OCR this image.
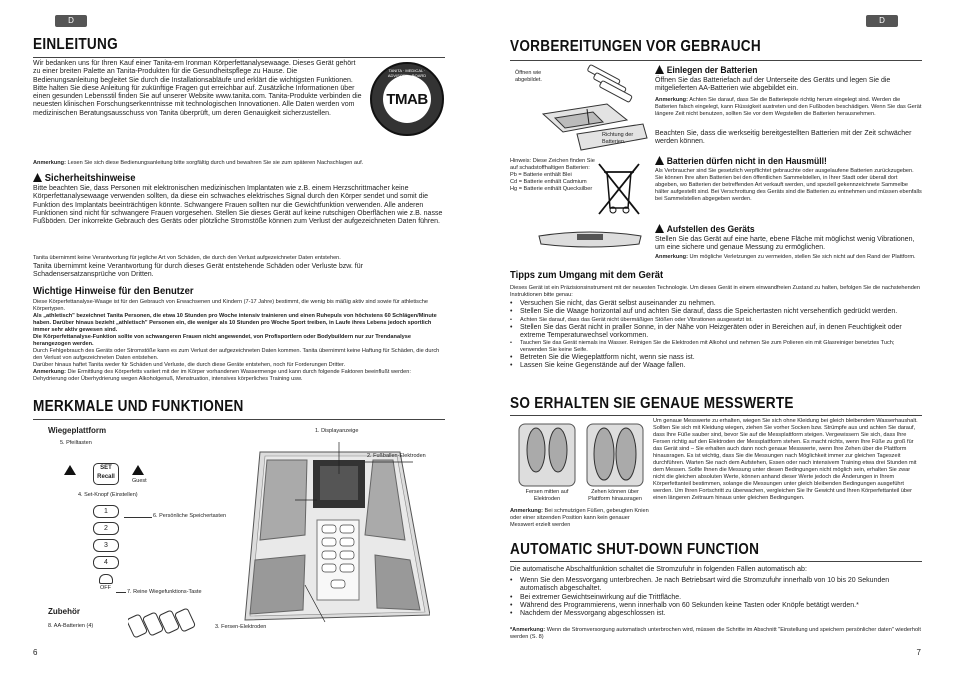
D
EINLEITUNG
Wir bedanken uns für Ihren Kauf einer Tanita-em Ironman Körperfettanalysewaage. Dieses Gerät gehört zu einer breiten Palette an Tanita-Produkten für die Gesundheitspflege zu Hause. Die Bedienungsanleitung begleitet Sie durch die Installationsabläufe und erklärt die wichtigsten Funktionen. Bitte halten Sie diese Anleitung für zukünftige Fragen gut erreichbar auf. Zusätzliche Informationen über einen gesunden Lebensstil finden Sie auf unserer Website www.tanita.com. Tanita-Produkte verbinden die neuesten klinischen Forschungserkenntnisse mit technologischen Innovationen. Alle Daten werden vom medizinischen Beratungsausschuss von Tanita überprüft, um deren Genauigkeit sicherzustellen.
TMAB
TANITA · MEDICAL · ADVISORY · BOARD
Anmerkung: Lesen Sie sich diese Bedienungsanleitung bitte sorgfältig durch und bewahren Sie sie zum späteren Nachschlagen auf.
Sicherheitshinweise
Bitte beachten Sie, dass Personen mit elektronischen medizinischen Implantaten wie z.B. einem Herzschrittmacher keine Körperfettanalysewaage verwenden sollten, da diese ein schwaches elektrisches Signal durch den Körper sendet und somit die Funktion des Implantats beeinträchtigen könnte. Schwangere Frauen sollten nur die Gewichtfunktion verwenden. Alle anderen Funktionen sind nicht für schwangere Frauen vorgesehen. Stellen Sie dieses Gerät auf keine rutschigen Oberflächen wie z.B. nasse Fußböden. Der inkorrekte Gebrauch des Geräts oder plötzliche Stromstöße können zum Verlust der aufgezeichneten Daten führen.
Tanita übernimmt keine Verantwortung für jegliche Art von Schäden, die durch den Verlust aufgezeichneter Daten entstehen.
Tanita übernimmt keine Verantwortung für durch dieses Gerät entstehende Schäden oder Verluste bzw. für Schadensersatzansprüche von Dritten.
Wichtige Hinweise für den Benutzer
Diese Körperfettanalyse-Waage ist für den Gebrauch von Erwachsenen und Kindern (7-17 Jahre) bestimmt, die wenig bis mäßig aktiv sind sowie für athletische Körpertypen.
Als „athletisch" bezeichnet Tanita Personen, die etwa 10 Stunden pro Woche intensiv trainieren und einen Ruhepuls von höchstens 60 Schlägen/Minute haben. Darüber hinaus bezieht „athletisch" Personen ein, die weniger als 10 Stunden pro Woche Sport treiben, in Laufe ihres Lebens jedoch sportlich immer sehr aktiv gewesen sind.
Die Körperfettanalyse-Funktion sollte von schwangeren Frauen nicht angewendet, von Profisportlern oder Bodybuildern nur zur Trendanalyse herangezogen werden.
Durch Fehlgebrauch des Geräts oder Stromstöße kann es zum Verlust der aufgezeichneten Daten kommen. Tanita übernimmt keine Haftung für Schäden, die durch den Verlust von aufgezeichneten Daten entstehen.
Darüber hinaus haftet Tanita weder für Schäden und Verluste, die durch diese Geräte entstehen, noch für Forderungen Dritter.
Anmerkung: Die Ermittlung des Körperfetts variiert mit der im Körper vorhandenen Wassermenge und kann durch folgende Faktoren beeinflußt werden: Dehydrierung oder Überhydrierung wegen Alkoholgenuß, Menstruation, intensives körperliches Training usw.
MERKMALE UND FUNKTIONEN
Wiegeplattform
5. Pfeiltasten
SET
Recall
Guest
4. Set-Knopf (Einstellen)
1
2
3
4
OFF
6. Persönliche Speichertasten
7. Reine Wiegefunktions-Taste
1. Displayanzeige
2. Fußballen-Elektroden
3. Fersen-Elektroden
Zubehör
8. AA-Batterien (4)
6
D
VORBEREITUNGEN VOR GEBRAUCH
Öffnen wie abgebildet.
Richtung der Batterien.
Einlegen der Batterien
Öffnen Sie das Batteriefach auf der Unterseite des Geräts und legen Sie die mitgelieferten AA-Batterien wie abgebildet ein.
Anmerkung: Achten Sie darauf, dass Sie die Batteriepole richtig herum eingelegt sind. Werden die Batterien falsch eingelegt, kann Flüssigkeit austreten und den Fußboden beschädigen. Wenn Sie das Gerät längere Zeit nicht benutzen, sollten Sie vor dem Wegstellen die Batterien herausnehmen.
Beachten Sie, dass die werkseitig bereitgestellten Batterien mit der Zeit schwächer werden können.
Hinweis: Diese Zeichen finden Sie auf schadstoffhaltigen Batterien:
Pb = Batterie enthält Blei
Cd = Batterie enthält Cadmium
Hg = Batterie enthält Quecksilber
Batterien dürfen nicht in den Hausmüll!
Als Verbraucher sind Sie gesetzlich verpflichtet gebrauchte oder ausgelaufene Batterien zurückzugeben. Sie können Ihre alten Batterien bei den öffentlichen Sammelstellen, in Ihrer Stadt oder überall dort abgeben, wo Batterien der betreffenden Art verkauft werden, und speziell gekennzeichnete Sammelbe hälter aufgestellt sind. Bei Verschrottung des Geräts sind die Batterien zu entnehmen und müssen ebenfalls bei Sammelstellen abgegeben werden.
Aufstellen des Geräts
Stellen Sie das Gerät auf eine harte, ebene Fläche mit möglichst wenig Vibrationen, um eine sichere und genaue Messung zu ermöglichen.
Anmerkung: Um mögliche Verletzungen zu vermeiden, stellen Sie sich nicht auf den Rand der Plattform.
Tipps zum Umgang mit dem Gerät
Dieses Gerät ist ein Präzisionsinstrument mit der neuesten Technologie. Um dieses Gerät in einem einwandfreien Zustand zu halten, befolgen Sie die nachstehenden Instruktionen bitte genau:
• Versuchen Sie nicht, das Gerät selbst auseinander zu nehmen.
• Stellen Sie die Waage horizontal auf und achten Sie darauf, dass die Speichertasten nicht versehentlich gedrückt werden.
• Achten Sie darauf, dass das Gerät nicht übermäßigen Stößen oder Vibrationen ausgesetzt ist.
• Stellen Sie das Gerät nicht in praller Sonne, in der Nähe von Heizgeräten oder in Bereichen auf, in denen Feuchtigkeit oder extreme Temperaturwechsel vorkommen.
• Tauchen Sie das Gerät niemals ins Wasser. Reinigen Sie die Elektroden mit Alkohol und nehmen Sie zum Polieren ein mit Glasreiniger benetztes Tuch; verwenden Sie keine Seife.
• Betreten Sie die Wiegeplattform nicht, wenn sie nass ist.
• Lassen Sie keine Gegenstände auf der Waage fallen.
SO ERHALTEN SIE GENAUE MESSWERTE
Fersen mitten auf Elektroden
Zehen können über Plattform hinausragen
Anmerkung: Bei schmutzigen Füßen, gebeugten Knien oder einer sitzenden Position kann kein genauer Messwert erzielt werden
Um genaue Messwerte zu erhalten, wiegen Sie sich ohne Kleidung bei gleich bleibendem Wasserhaushalt. Sollten Sie sich mit Kleidung wiegen, ziehen Sie vorher Socken bzw. Strümpfe aus und achten Sie darauf, dass Ihre Füße sauber sind, bevor Sie auf die Messplattform steigen. Vergewissern Sie sich, dass Ihre Fersen richtig auf den Elektroden der Messplattform stehen. Es macht nichts, wenn Ihre Füße zu groß für das Gerät sind – Sie erhalten auch dann noch genaue Messwerte, wenn Ihre Zehen über die Plattform hinausragen. Es ist wichtig, dass Sie die Messungen nach Möglichkeit immer zur gleichen Tageszeit durchführen. Warten Sie nach dem Aufstehen, Essen oder nach intensivem Training etwa drei Stunden mit dem Messen. Sollte Ihnen die Messung unter diesen Bedingungen nicht möglich sein, erhalten Sie zwar nicht die gleichen absoluten Werte, können anhand dieser Werte jedoch die Änderungen in Ihrem Körperfettanteil bestimmen, solange die Messungen unter gleich bleibenden Bedingungen ausgeführt werden. Um Ihren Fortschritt zu überwachen, vergleichen Sie Ihr Gewicht und Ihren Körperfettanteil über einen längeren Zeitraum hinaus unter gleichen Bedingungen.
AUTOMATIC SHUT-DOWN FUNCTION
Die automatische Abschaltfunktion schaltet die Stromzufuhr in folgenden Fällen automatisch ab:
• Wenn Sie den Messvorgang unterbrechen. Je nach Betriebsart wird die Stromzufuhr innerhalb von 10 bis 20 Sekunden automatisch abgeschaltet.
• Bei extremer Gewichtseinwirkung auf die Trittfläche.
• Während des Programmierens, wenn innerhalb von 60 Sekunden keine Tasten oder Knöpfe betätigt werden.*
• Nachdem der Messvorgang abgeschlossen ist.
*Anmerkung: Wenn die Stromversorgung automatisch unterbrochen wird, müssen die Schritte im Abschnitt "Einstellung und speichern persönlicher daten" wiederholt werden (S. 8)
7
